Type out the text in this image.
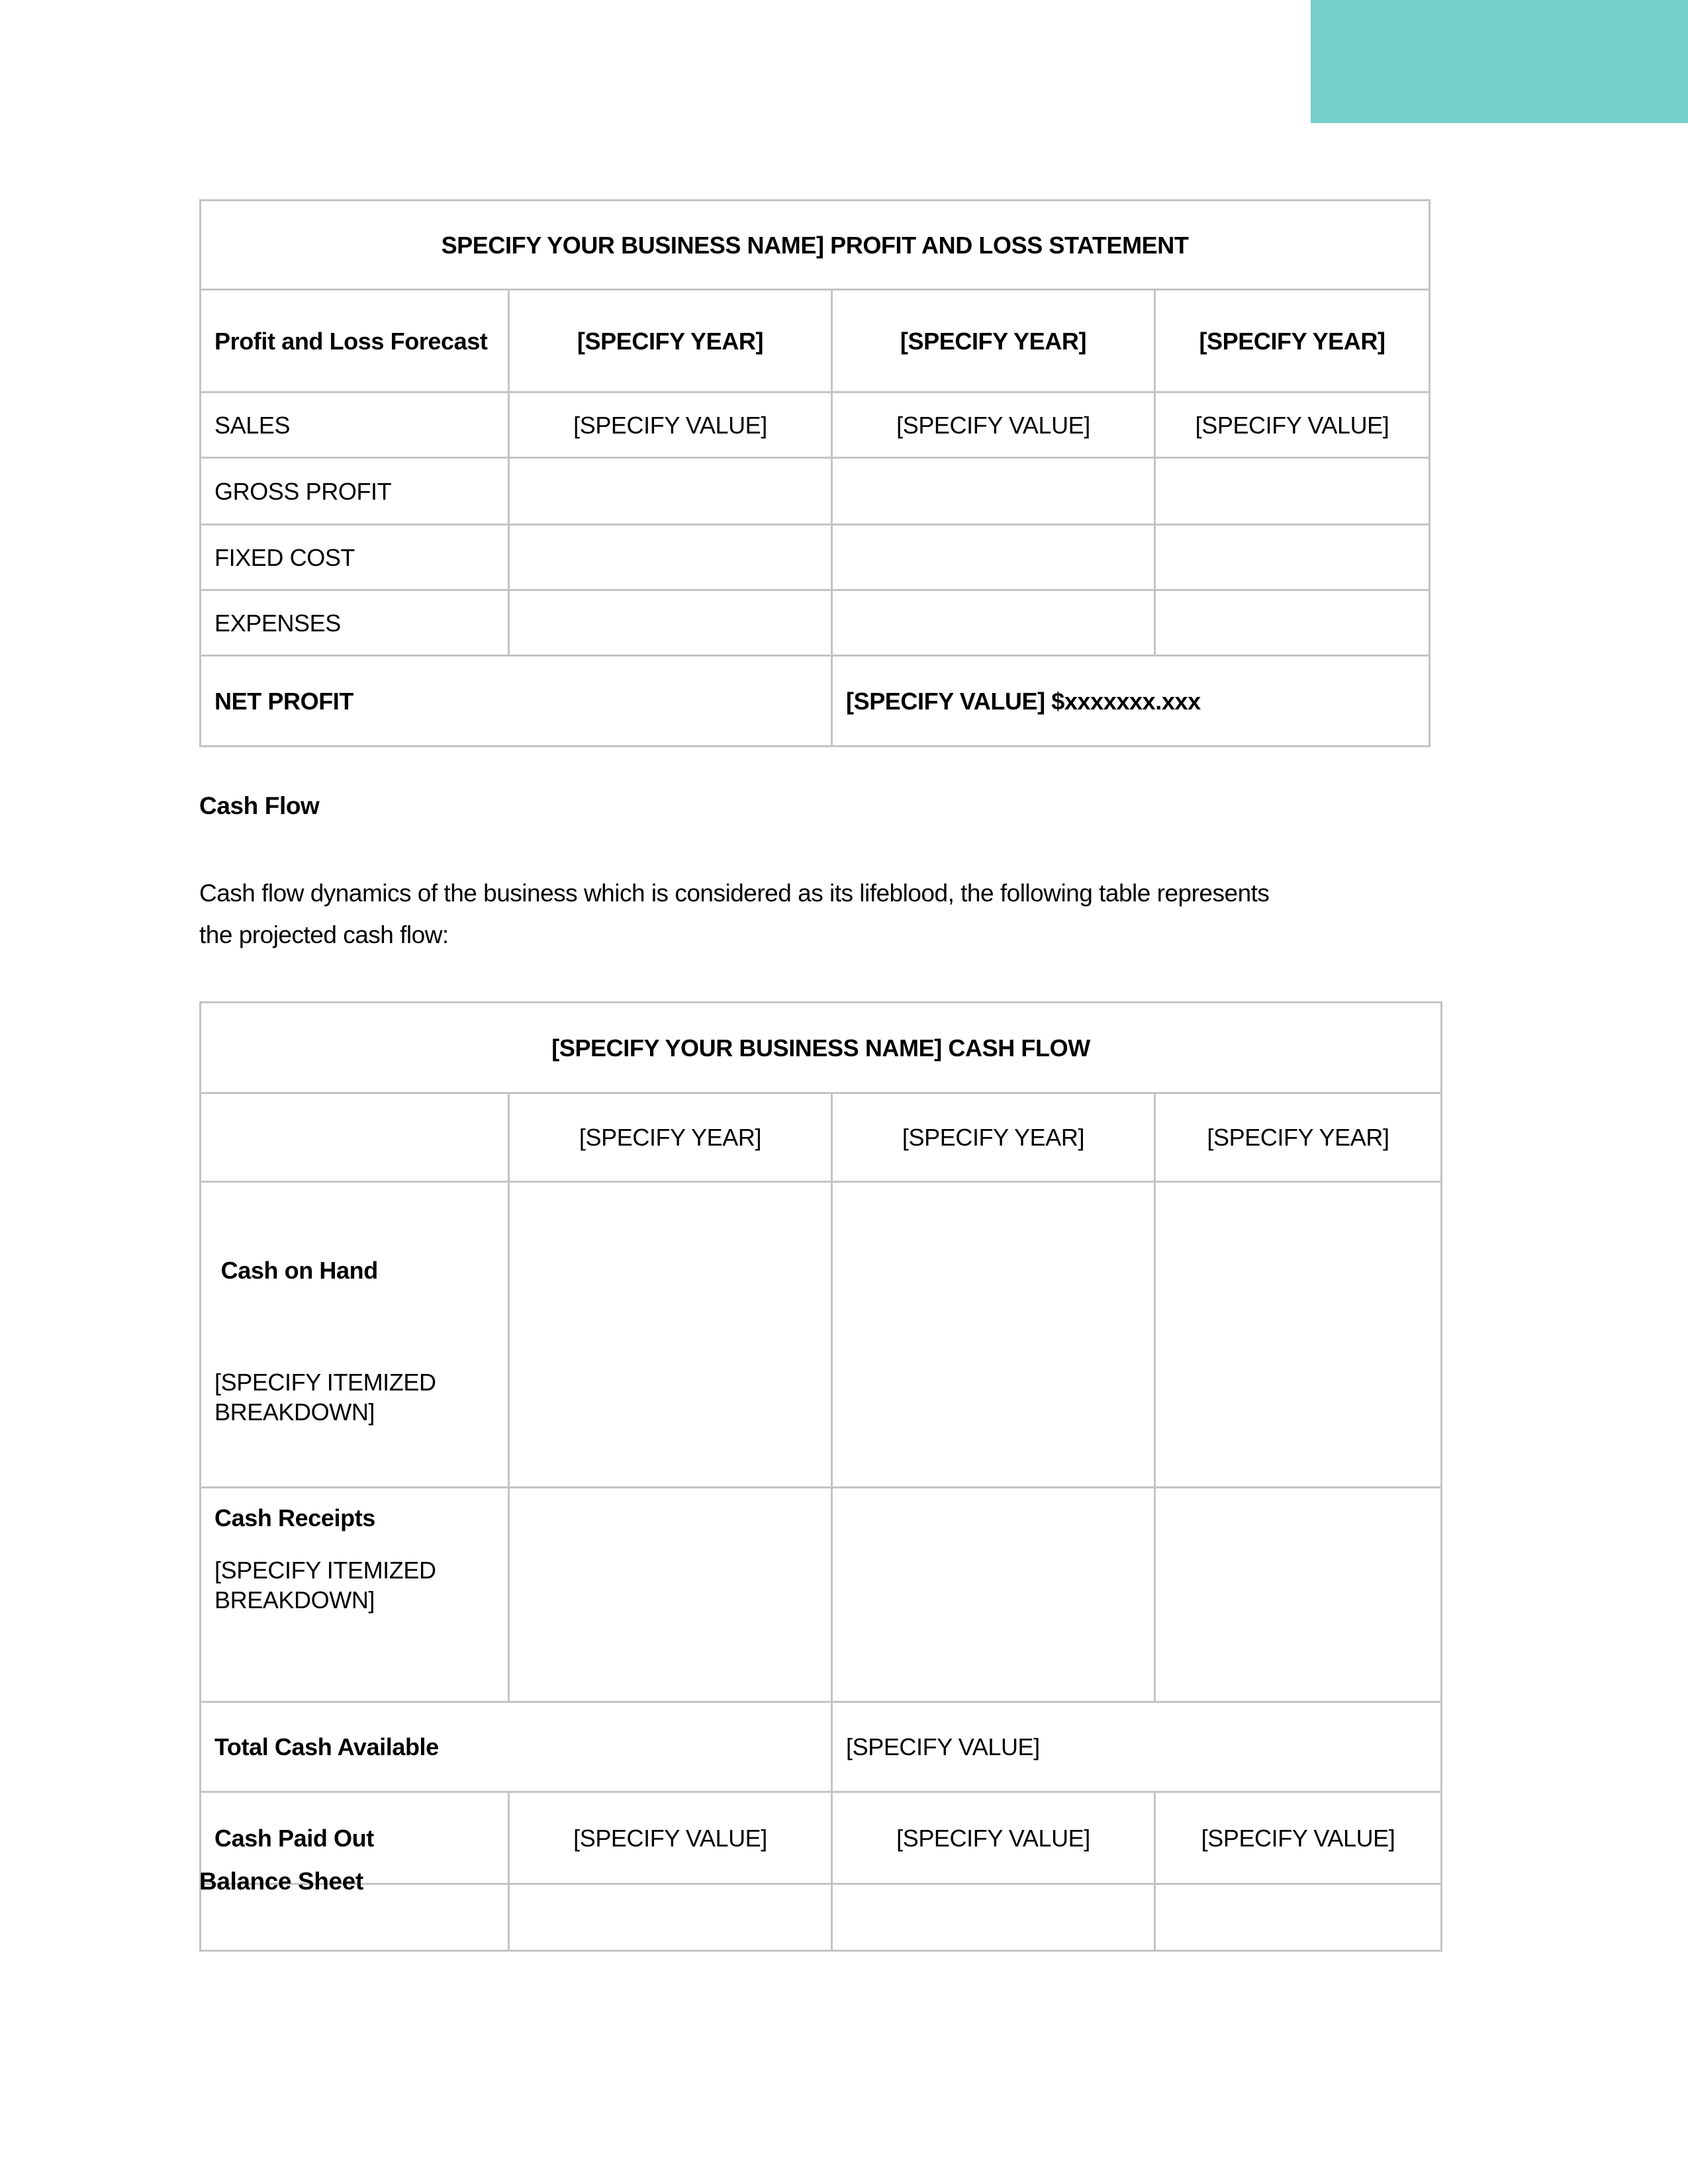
SPECIFY YOUR BUSINESS NAME] PROFIT AND LOSS STATEMENT			
Profit and Loss Forecast	[SPECIFY YEAR]	[SPECIFY YEAR]	[SPECIFY YEAR]
SALES	[SPECIFY VALUE]	[SPECIFY VALUE]	[SPECIFY VALUE]
GROSS PROFIT			
FIXED COST			
EXPENSES			
NET PROFIT		[SPECIFY VALUE] $xxxxxxx.xxx	
Cash Flow
Cash flow dynamics of the business which is considered as its lifeblood, the following table represents
the projected cash flow:
[SPECIFY YOUR BUSINESS NAME] CASH FLOW			
	[SPECIFY YEAR]	[SPECIFY YEAR]	[SPECIFY YEAR]

Cash on Hand

[SPECIFY ITEMIZED BREAKDOWN]			

Cash Receipts
[SPECIFY ITEMIZED BREAKDOWN]			

Total Cash Available		[SPECIFY VALUE]	
Cash Paid Out	[SPECIFY VALUE]	[SPECIFY VALUE]	[SPECIFY VALUE]

Balance Sheet
